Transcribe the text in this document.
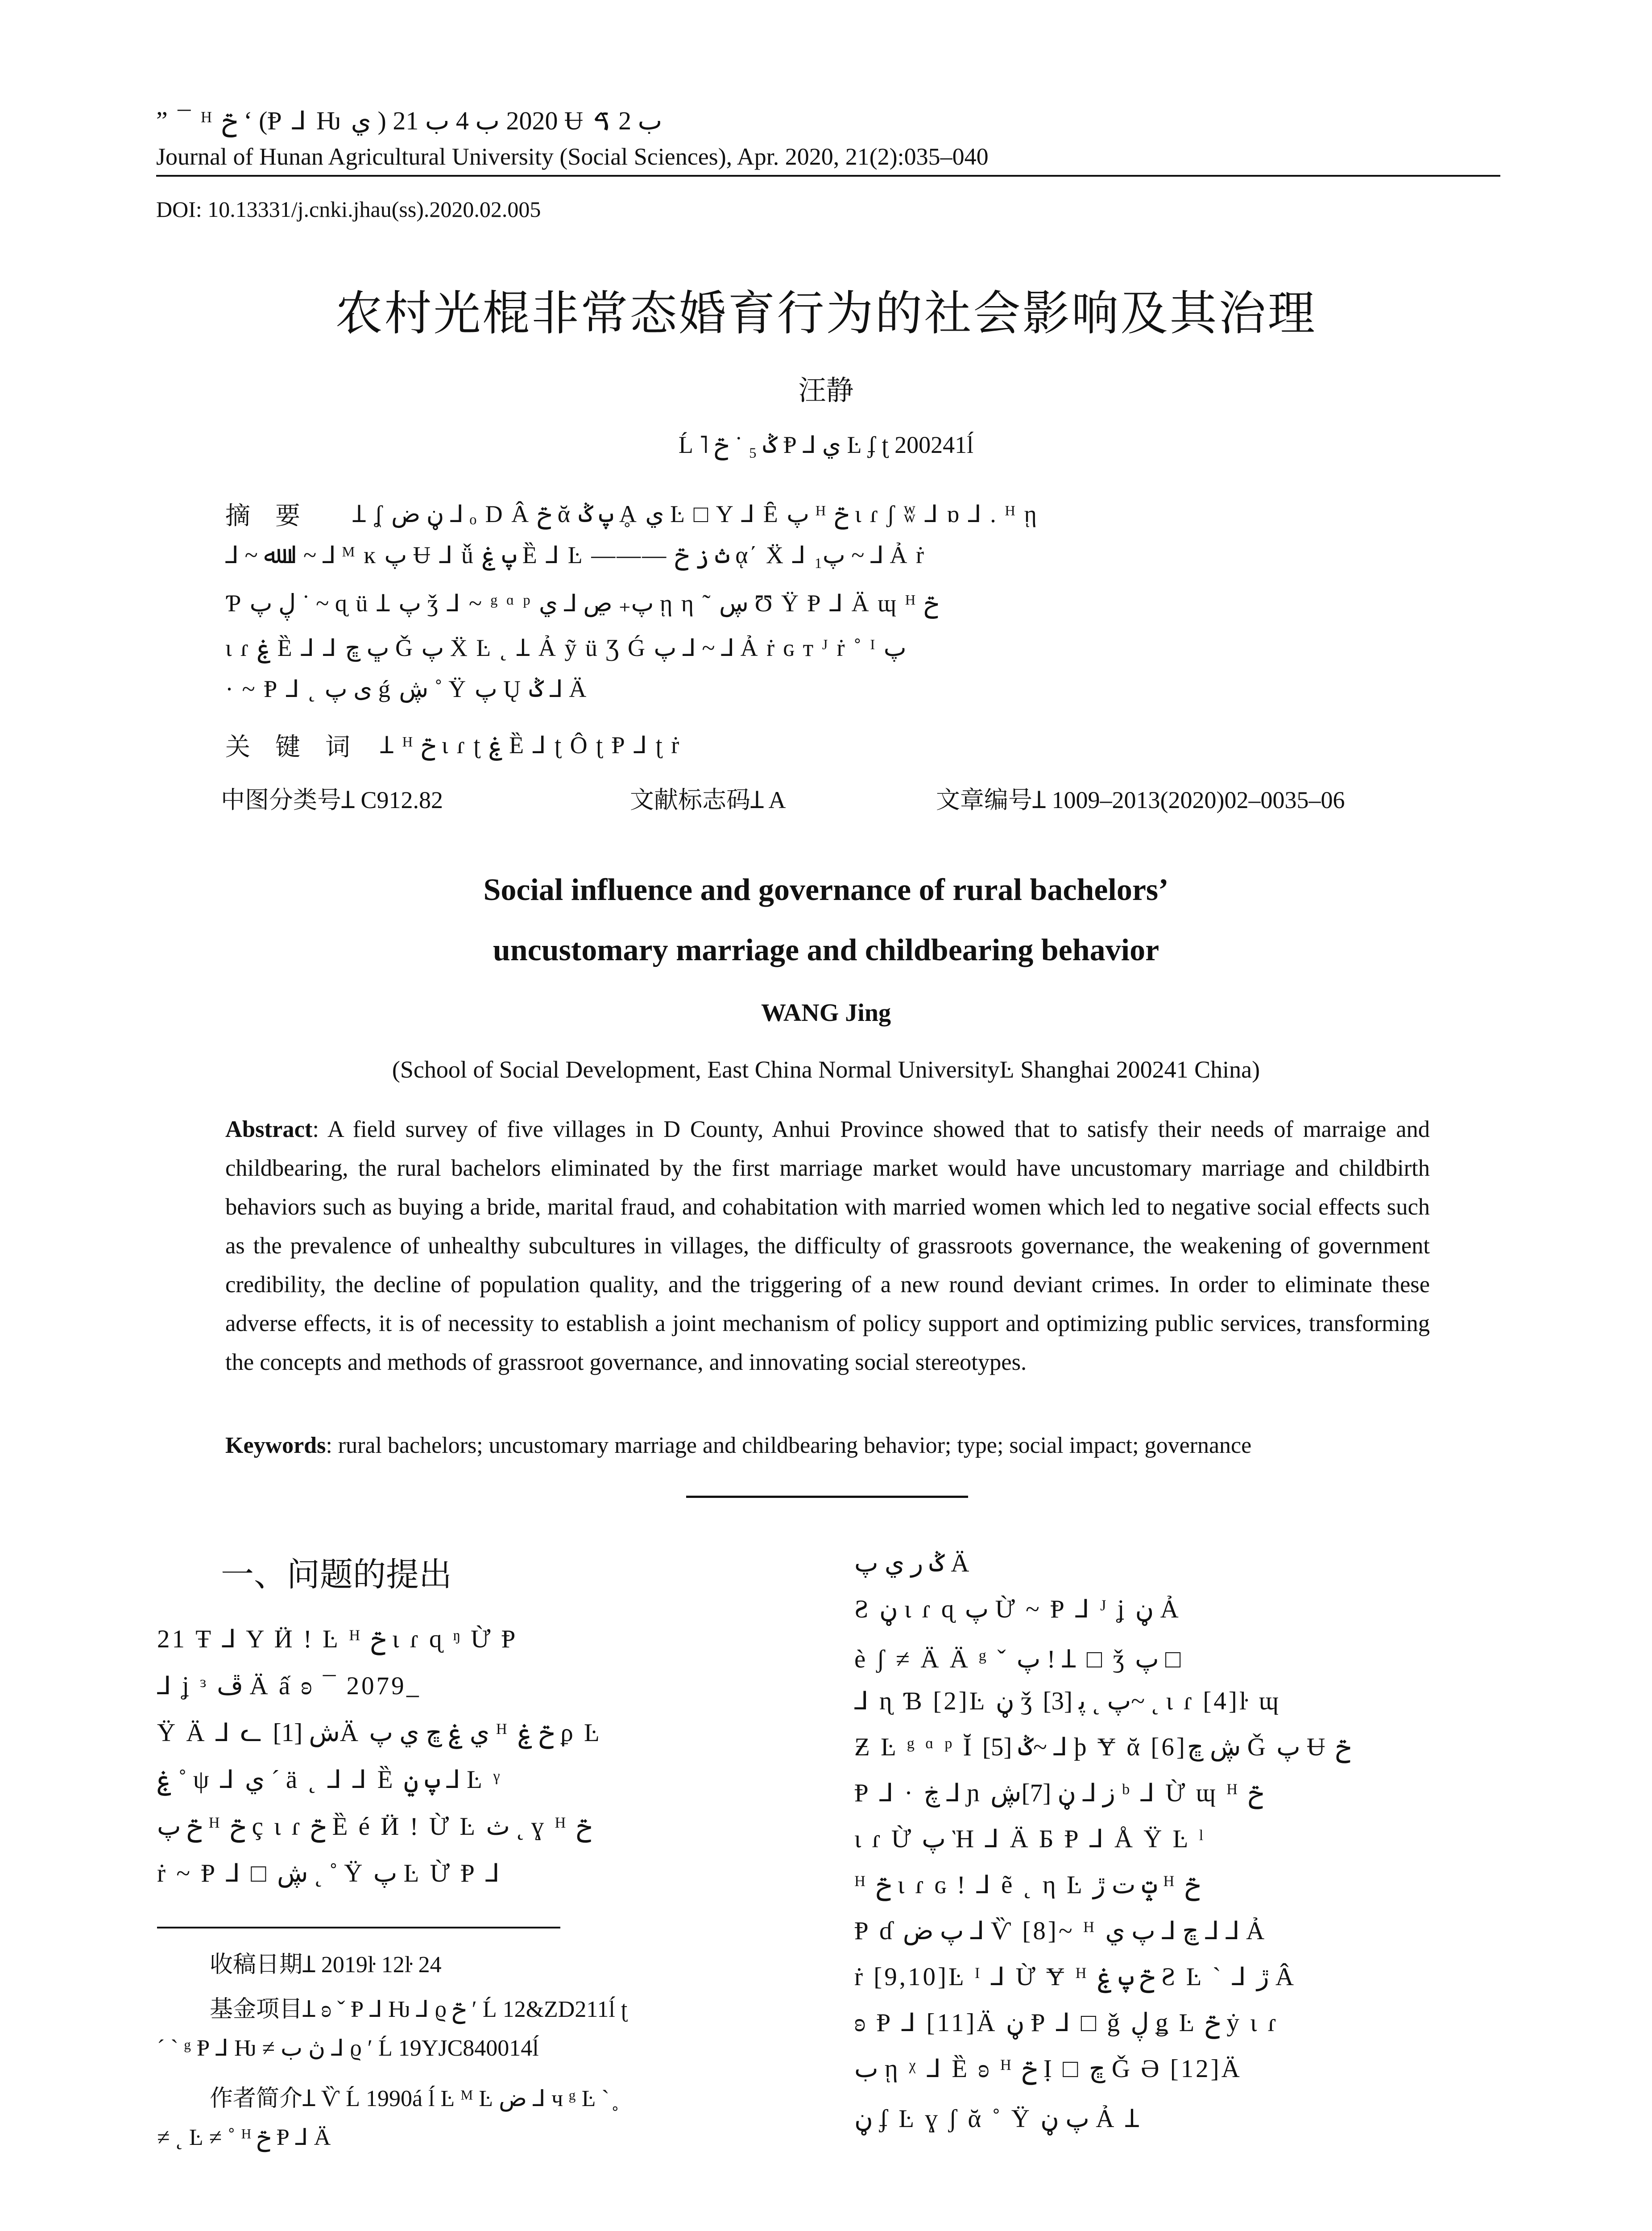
” ¯ ᴴ ݗ ʻ (Ᵽ ⅃ Ƕ ي ) 2020 ب 4 ب 21 Ʉ ب 2 ࠃ
Journal of Hunan Agricultural University (Social Sciences), Apr. 2020, 21(2):035–040
DOI: 10.13331/j.cnki.jhau(ss).2020.02.005
农村光棍非常态婚育行为的社会影响及其治理
汪静
Ĺ ˥ ݣ ₅ ˙ ݗ Ᵽ ⅃ ي Ŀ ʄ ʈ 200241ĺ
摘　要 Ʇ ʆ ڼ ض ⅃ ₒ D Â ݗ ᾰ پ ݣ Ḁ ي Ŀ □ Y ⅃ Ȇ پ ᴴ ݗ ɩ ɾ ʃ ʬ ⅃ ɒ ⅃ . ᴴ ῃ
⅃ ~ ﷲ ⅃ ~ ⅃ ᴹ ĸ پ Ʉ ⅃ ǚ پ ۼ Ȅ ⅃ Ŀ ——— ث ز ݗ ᾳ΄ Ẍ ⅃ پ₁ ~ ⅃ Ả ṙ
Ƥ ڸ پ ˙ ~ ɋ ü Ʇ پ ǯ ⅃ ~ ᵍ ᵅ ᵖ پ₊ ڝ ⅃ ي ῃ η ˜ ڛ Ʊ Ÿ Ᵽ ⅃ Ä ɰ ᴴ ݗ
ɩ ɾ ۼ Ȅ ⅃ ⅃ ڀ ڇ Ǧ پ Ẍ Ŀ ˛ Ʇ Ả ỹ ü Ʒ Ǵ پ ⅃ ~ ⅃ Ả ṙ ɢ ᴛ ᴶ ṙ ˚ ᴵ پ
· ~ Ᵽ ⅃ ˛ ی پ ǵ ڜ ˚ Ÿ پ Ų ݣ ⅃ Ä
关　键　词 Ʇ ᴴ ݗ ɩ ɾ ʈ ۼ Ȅ ⅃ ʈ Ô ʈ Ᵽ ⅃ ʈ ṙ
中图分类号Ʇ C912.82	文献标志码Ʇ A	文章编号Ʇ 1009–2013(2020)02–0035–06
Social influence and governance of rural bachelors’
uncustomary marriage and childbearing behavior
WANG Jing
(School of Social Development, East China Normal UniversityĿ Shanghai 200241 China)
Abstract: A field survey of five villages in D County, Anhui Province showed that to satisfy their needs of marraige and childbearing, the rural bachelors eliminated by the first marriage market would have uncustomary marriage and childbirth behaviors such as buying a bride, marital fraud, and cohabitation with married women which led to negative social effects such as the prevalence of unhealthy subcultures in villages, the difficulty of grassroots governance, the weakening of government credibility, the decline of population quality, and the triggering of a new round deviant crimes. In order to eliminate these adverse effects, it is of necessity to establish a joint mechanism of policy support and optimizing public services, transforming the concepts and methods of grassroot governance, and innovating social stereotypes.
Keywords: rural bachelors; uncustomary marriage and childbearing behavior; type; social impact; governance
一、问题的提出
21 Ŧ ⅃ Y Ӥ ! Ŀ ᴴ ݗ ɩ ɾ ɋ ᵑ Ừ Ᵽ
⅃ ʝ ᵌ ڦ Ä ấ ʚ ¯ 2079 ̲
Ÿ Ӓ ⅃ ᓚ ش [1]Ä ي ۼ ڇ ي پ ᴴ ݗ ۼ ϼ Ŀ
ۼ ˚ ψ ⅃ ي ˊ ӓ ˛ ⅃ ⅃ Ȅ پ ݧ ⅃ Ŀ ᵞ
ݗ پ ᴴ ݗ ç ɩ ɾ ݗ Ȅ é Ӥ ! Ừ Ŀ ث ˛ ɣ ᴴ ݗ
ṙ ~ Ᵽ ⅃ □ ڜ ˛ ˚ Ÿ پ Ŀ Ừ Ᵽ ⅃
收稿日期Ʇ 2019ŀ 12ŀ 24
基金项目Ʇ ʚ ˇ Ᵽ ⅃ Ƕ ⅃ ϱ ݗ ʹ Ĺ 12&ZD211ĺ ʈ
ˊ ˋ ᵍ Ᵽ ⅃ Ƕ ≠ ڽ ب ⅃ ϱ ʹ Ĺ 19YJC840014ĺ
作者简介Ʇ Ѷ Ĺ 1990á ĺ Ŀ ᴹ Ŀ ض ⅃ ч ᵍ Ŀ ˋ ̥
≠ ˛ Ŀ ≠ ˚ ᴴ ݗ Ᵽ ⅃ Ä
ݣ ر ي پ Ä
Ƨ ڼ ɩ ɾ ɋ پ Ừ ~ Ᵽ ⅃ ᴶ ʝ ڼ Ả
è ʃ ≠ Ä Ä ᵍ ˇ پ ! Ʇ □ ǯ پ □
⅃ ɳ Ɓ [2]Ŀ ڼ ǯ پ ˛ ﭘ [3]~ ˛ ɩ ɾ [4]ŀ ɰ
Ƶ Ŀ ᵍ ᵅ ᵖ Ῐ ݣ [5]~ ⅃ ϸ Ɏ ᾰ [6]ڜ ڇ Ǧ پ Ʉ ݗ
Ᵽ ⅃ · ڿ ⅃ ɲ ز ⅃ ڼ [7]ڜ ᵇ ⅃ Ừ ɰ ᴴ ݗ
ɩ ɾ Ừ پ Ὴ ⅃ Ä Ƃ Ᵽ ⅃ Å Ÿ Ŀ ˡ
ᴴ ݗ ɩ ɾ ɢ ! ⅃ ẽ ˛ η Ŀ ݓ ت ڙ ᴴ ݗ
Ᵽ ɗ پ ض ⅃ Ѷ [8]~ ᴴ ڇ ⅃ پ ي ⅃ ⅃ Ả
ṙ [9,10]Ŀ ᴵ ⅃ Ừ Ɏ ᴴ ݗ پ ۼ Ƨ Ŀ ˋ ⅃ ڙ Â
ʚ Ᵽ ⅃ [11]Ä ڼ Ᵽ ⅃ □ ǧ ڸ ǥ Ŀ ݗ ẏ ɩ ɾ
ب ῃ ᵡ ⅃ Ȅ ʚ ᴴ ݗ Ị □ ڇ Ǧ Ə [12]Ä
ڼ ʄ Ŀ ɣ ʃ ᾰ ˚ Ÿ پ ڼ Ả Ʇ
